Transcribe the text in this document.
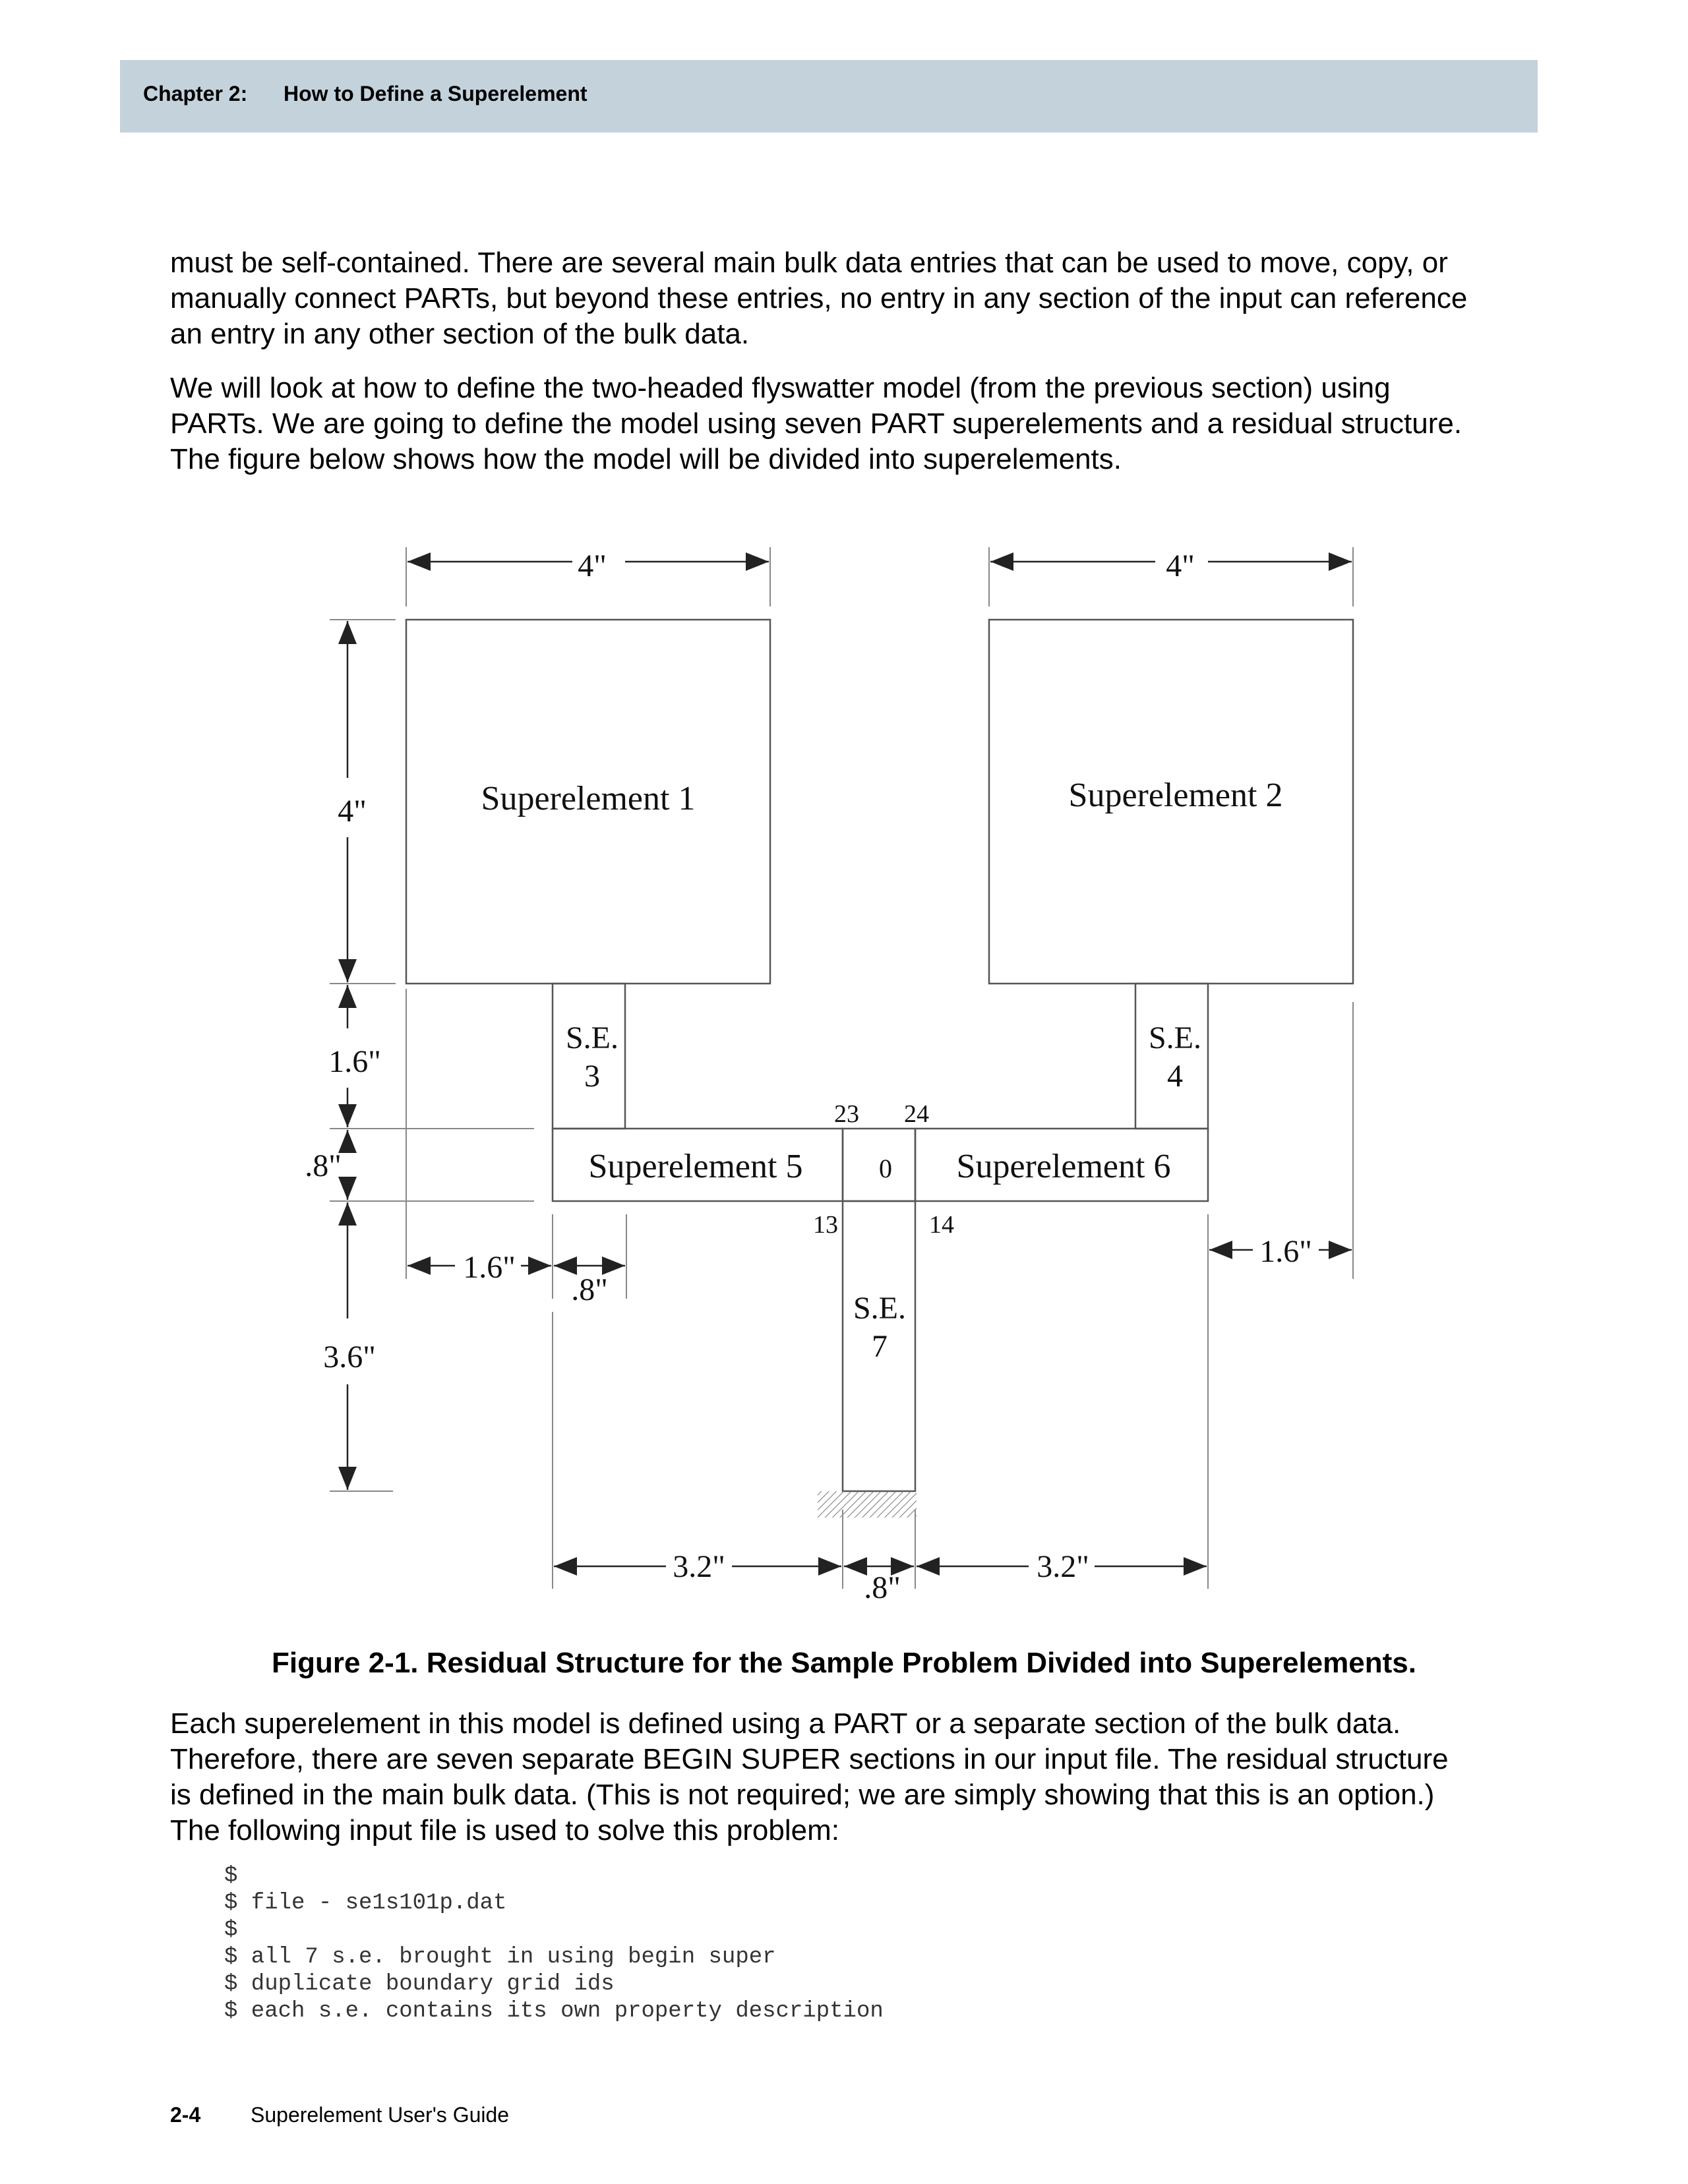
Chapter 2: How to Define a Superelement
must be self-contained. There are several main bulk data entries that can be used to move, copy, or
manually connect PARTs, but beyond these entries, no entry in any section of the input can reference
an entry in any other section of the bulk data.
We will look at how to define the two-headed flyswatter model (from the previous section) using
PARTs. We are going to define the model using seven PART superelements and a residual structure.
The figure below shows how the model will be divided into superelements.
Superelement 1	Superelement 2
S.E.
3
S.E.
4
Superelement 5	0 Superelement 6
S.E.
7
23 24
13	14
4"	4"
4"
1.6"
.8"
3.6"
1.6"
.8"
1.6"
3.2"
.8"
3.2"
Figure 2-1. Residual Structure for the Sample Problem Divided into Superelements.
Each superelement in this model is defined using a PART or a separate section of the bulk data.
Therefore, there are seven separate BEGIN SUPER sections in our input file. The residual structure
is defined in the main bulk data. (This is not required; we are simply showing that this is an option.)
The following input file is used to solve this problem:
$
$ file - se1s101p.dat
$
$ all 7 s.e. brought in using begin super
$ duplicate boundary grid ids
$ each s.e. contains its own property description
2-4 Superelement User's Guide
